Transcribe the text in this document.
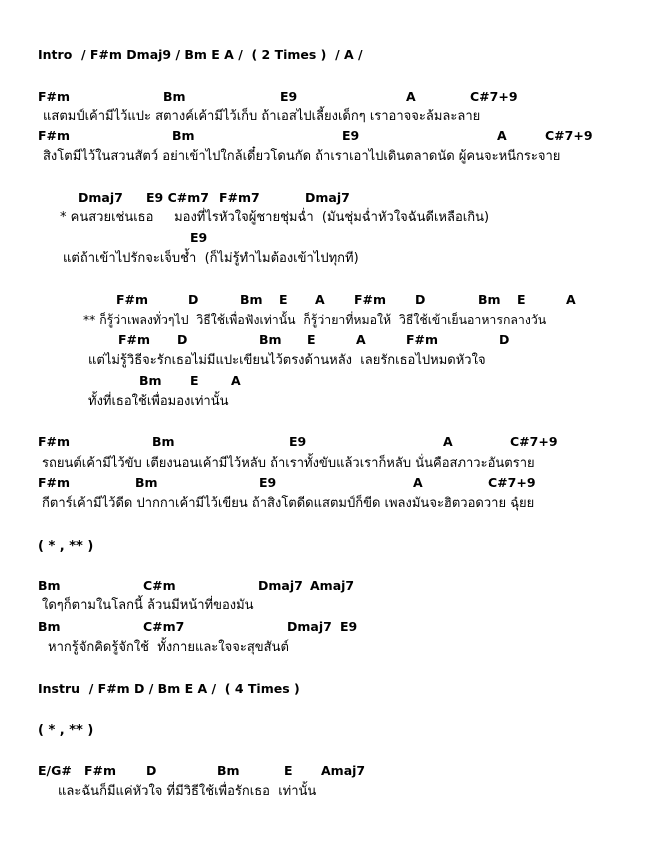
Intro  / F#m Dmaj9 / Bm E A /  ( 2 Times )  / A /
F#m	Bm	E9	A	C#7+9
แสตมป์เค้ามีไว้แปะ สตางค์เค้ามีไว้เก็บ ถ้าเอสไปเลี้ยงเด็กๆ เราอาจจะล้มละลาย
F#m	Bm	E9	A	C#7+9
สิงโตมีไว้ในสวนสัตว์ อย่าเข้าไปใกล้เดี๋ยวโดนกัด ถ้าเราเอาไปเดินตลาดนัด ผู้คนจะหนีกระจาย
Dmaj7 E9 C#m7 F#m7	Dmaj7
* คนสวยเช่นเธอ     มองที่ไรหัวใจผู้ชายชุ่มฉ่ำ  (มันชุ่มฉ่ำหัวใจฉันดีเหลือเกิน)
E9
แต่ถ้าเข้าไปรักจะเจ็บช้ำ  (ก็ไม่รู้ทำไมต้องเข้าไปทุกที)
F#m	D	Bm E A F#m D	Bm E	A
** ก็รู้ว่าเพลงทั่วๆไป  วิธีใช้เพื่อฟังเท่านั้น  ก็รู้ว่ายาที่หมอให้  วิธีใช้เข้าเย็นอาหารกลางวัน
F#m D	Bm E	A	F#m	D
แต่ไม่รู้วิธีจะรักเธอไม่มีแปะเขียนไว้ตรงด้านหลัง  เลยรักเธอไปหมดหัวใจ
Bm E	A
ทั้งที่เธอใช้เพื่อมองเท่านั้น
F#m	Bm	E9	A	C#7+9
รถยนต์เค้ามีไว้ขับ เตียงนอนเค้ามีไว้หลับ ถ้าเราทั้งขับแล้วเราก็หลับ นั่นคือสภาวะอันตราย
F#m	Bm	E9	A	C#7+9
กีตาร์เค้ามีไว้ดีด ปากกาเค้ามีไว้เขียน ถ้าสิงโตดีดแสตมป์ก็ขีด เพลงมันจะฮิตวอดวาย ฉุ๋ยย
( * , ** )
Bm	C#m	Dmaj7 Amaj7
ใดๆก็ตามในโลกนี้ ล้วนมีหน้าที่ของมัน
Bm	C#m7	Dmaj7 E9
หากรู้จักคิดรู้จักใช้  ทั้งกายและใจจะสุขสันต์
Instru  / F#m D / Bm E A /  ( 4 Times )
( * , ** )
E/G# F#m D	Bm	E Amaj7
และฉันก็มีแค่หัวใจ ที่มีวิธีใช้เพื่อรักเธอ  เท่านั้น
